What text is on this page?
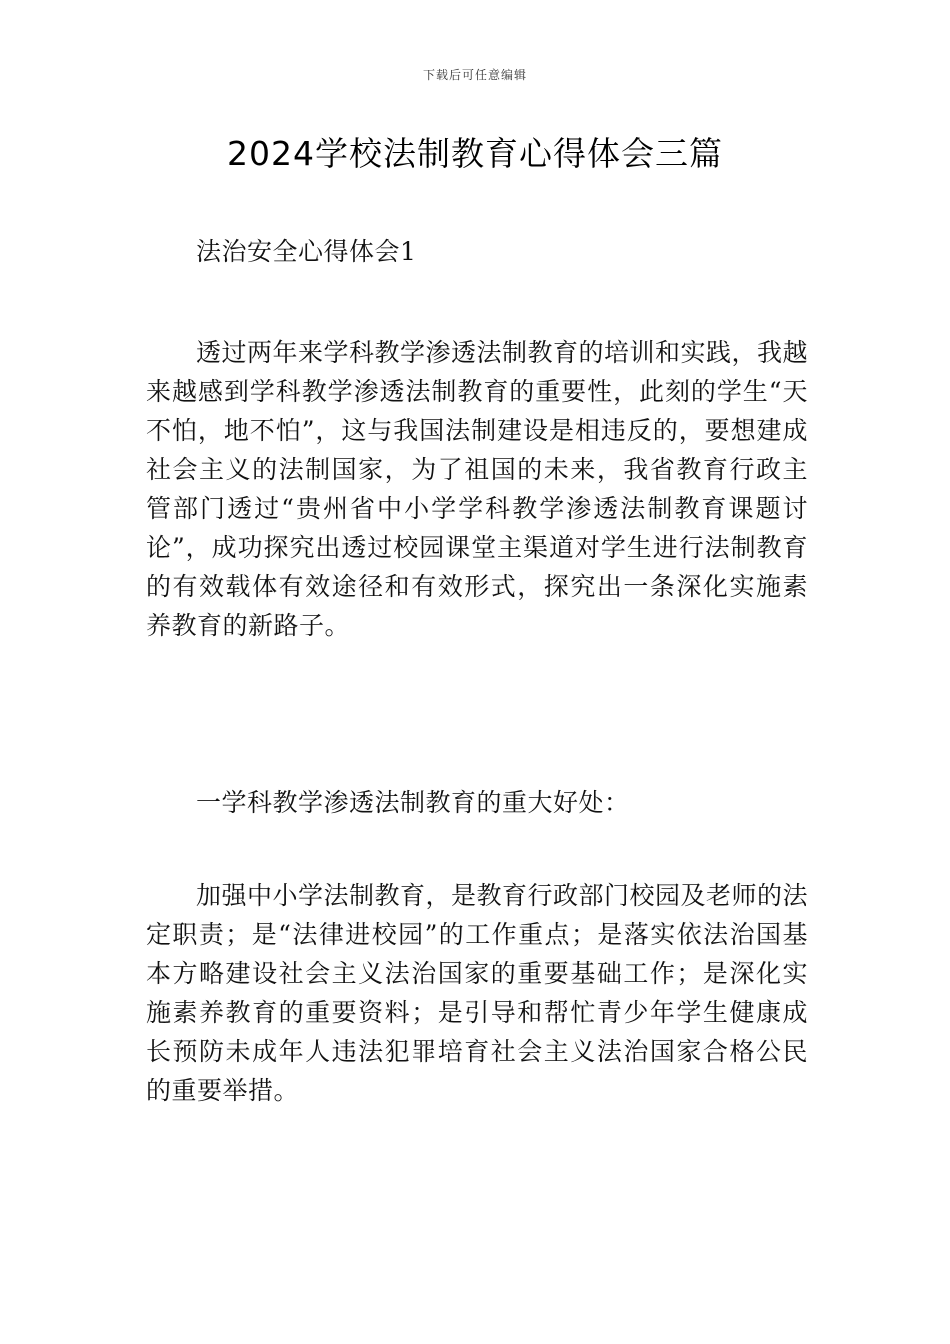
下载后可任意编辑
2024学校法制教育心得体会三篇

法治安全心得体会1

透过两年来学科教学渗透法制教育的培训和实践，我越来越感到学科教学渗透法制教育的重要性，此刻的学生“天不怕，地不怕”，这与我国法制建设是相违反的，要想建成社会主义的法制国家，为了祖国的未来，我省教育行政主管部门透过“贵州省中小学学科教学渗透法制教育课题讨论”，成功探究出透过校园课堂主渠道对学生进行法制教育的有效载体有效途径和有效形式，探究出一条深化实施素养教育的新路子。

一学科教学渗透法制教育的重大好处：

加强中小学法制教育，是教育行政部门校园及老师的法定职责；是“法律进校园”的工作重点；是落实依法治国基本方略建设社会主义法治国家的重要基础工作；是深化实施素养教育的重要资料；是引导和帮忙青少年学生健康成长预防未成年人违法犯罪培育社会主义法治国家合格公民的重要举措。
